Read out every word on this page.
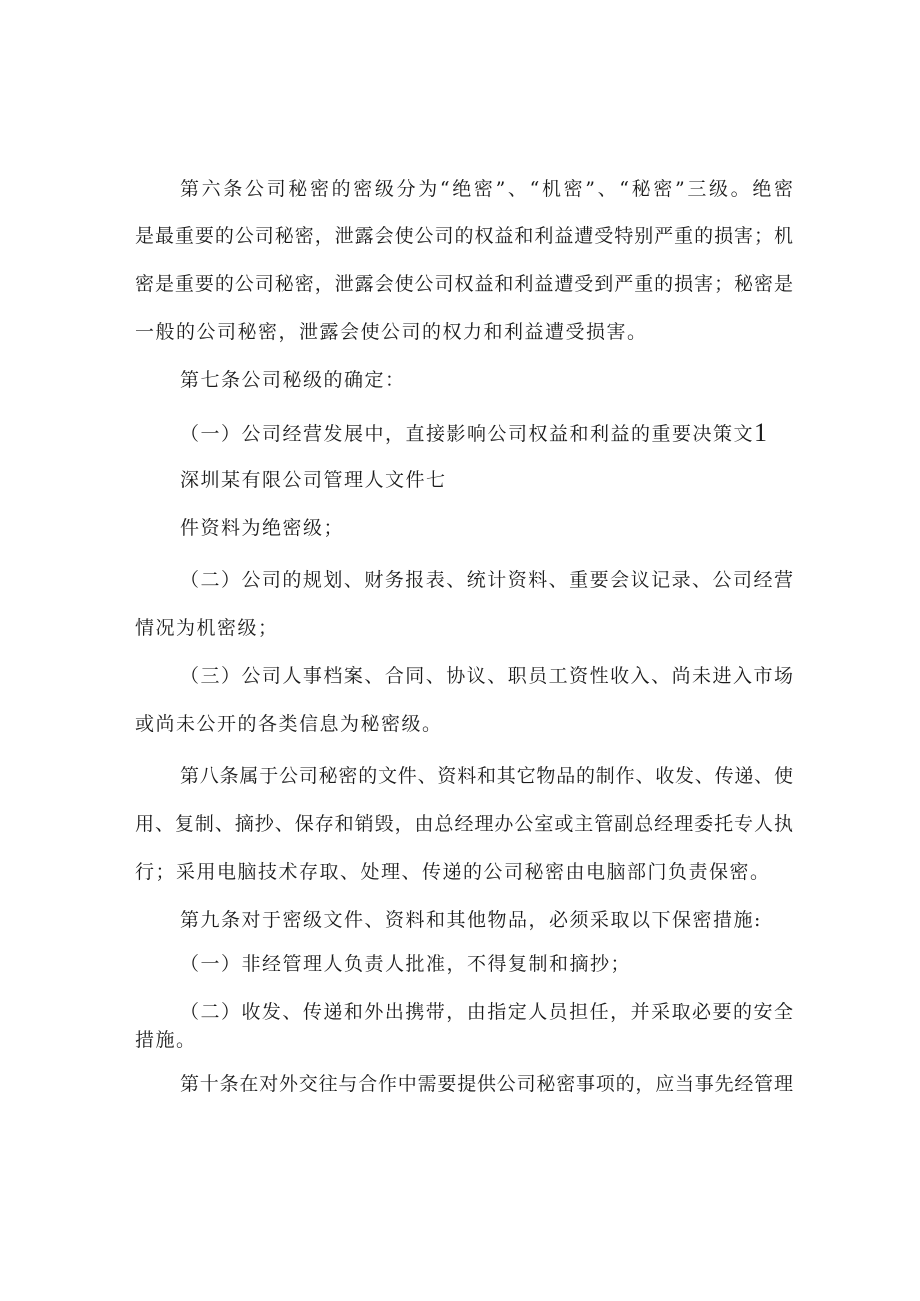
第六条公司秘密的密级分为“绝密”、“机密”、“秘密”三级。绝密
是最重要的公司秘密，泄露会使公司的权益和利益遭受特别严重的损害；机
密是重要的公司秘密，泄露会使公司权益和利益遭受到严重的损害；秘密是
一般的公司秘密，泄露会使公司的权力和利益遭受损害。
第七条公司秘级的确定：
（一）公司经营发展中，直接影响公司权益和利益的重要决策文1
深圳某有限公司管理人文件七
件资料为绝密级；
（二）公司的规划、财务报表、统计资料、重要会议记录、公司经营
情况为机密级；
（三）公司人事档案、合同、协议、职员工资性收入、尚未进入市场
或尚未公开的各类信息为秘密级。
第八条属于公司秘密的文件、资料和其它物品的制作、收发、传递、使
用、复制、摘抄、保存和销毁，由总经理办公室或主管副总经理委托专人执
行；采用电脑技术存取、处理、传递的公司秘密由电脑部门负责保密。
第九条对于密级文件、资料和其他物品，必须采取以下保密措施:
（一）非经管理人负责人批准，不得复制和摘抄；
（二）收发、传递和外出携带，由指定人员担任，并采取必要的安全
措施。
第十条在对外交往与合作中需要提供公司秘密事项的，应当事先经管理
